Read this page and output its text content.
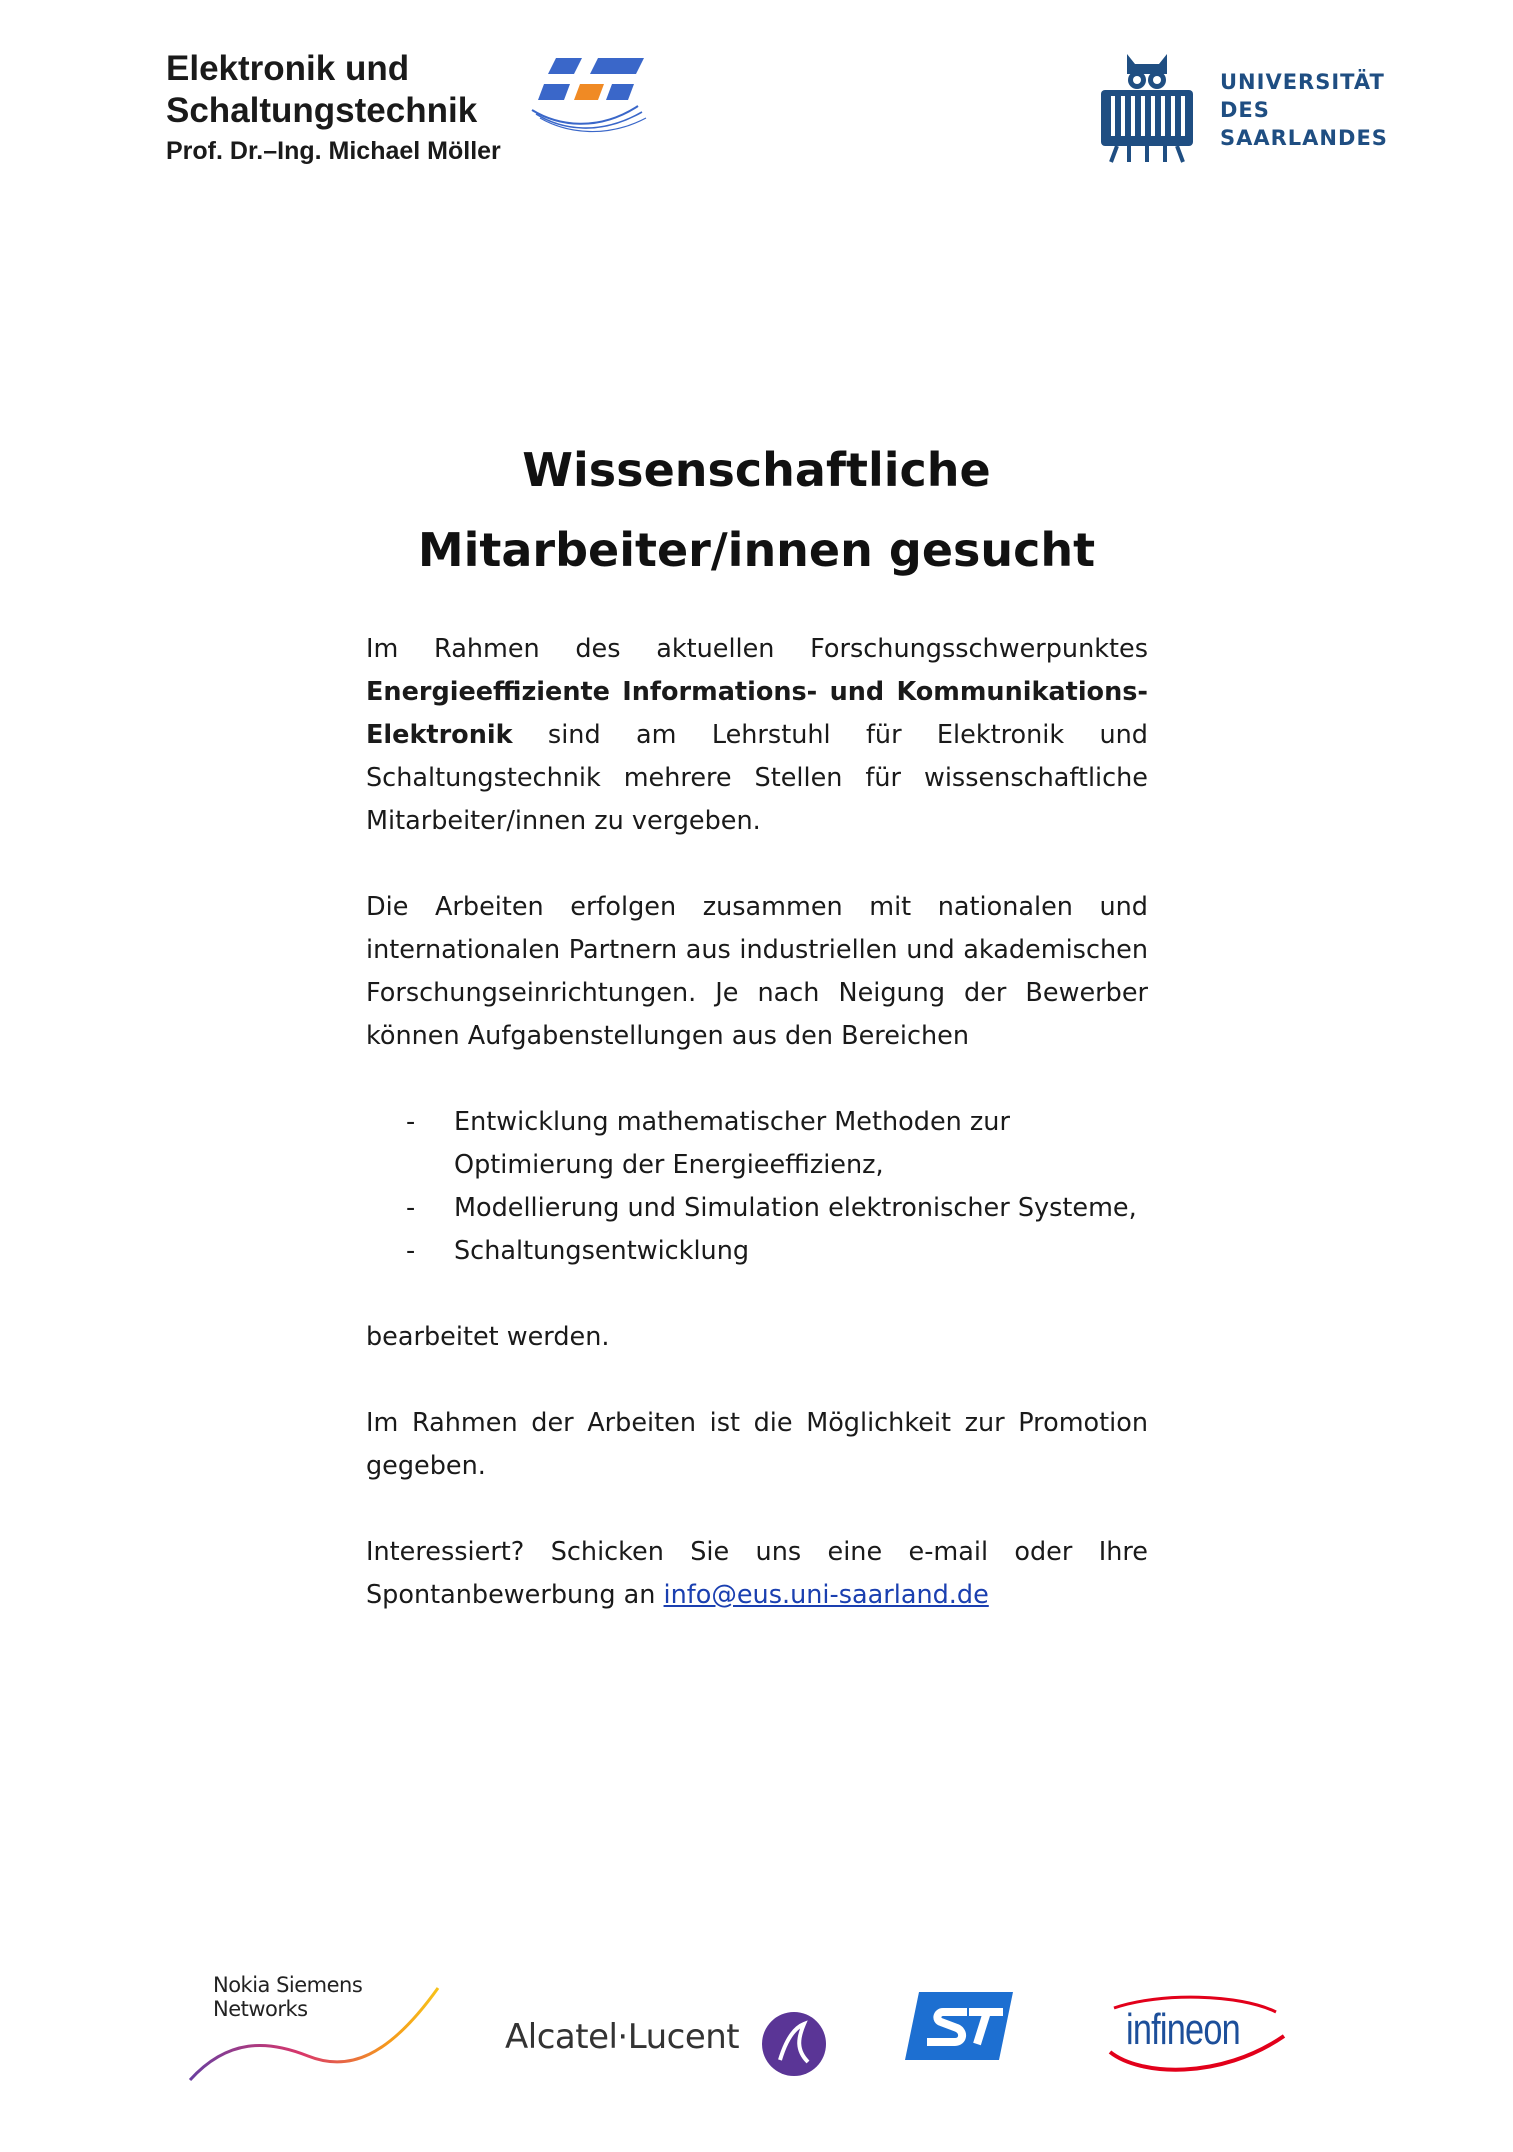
Elektronik und
Schaltungstechnik
Prof. Dr.–Ing. Michael Möller
UNIVERSITÄT
DES
SAARLANDES
Wissenschaftliche
Mitarbeiter/innen gesucht

Im Rahmen des aktuellen Forschungsschwerpunktes Energieeffiziente Informations- und Kommunikations-Elektronik sind am Lehrstuhl für Elektronik und Schaltungstechnik mehrere Stellen für wissenschaftliche Mitarbeiter/innen zu vergeben.

Die Arbeiten erfolgen zusammen mit nationalen und internationalen Partnern aus industriellen und akademischen Forschungseinrichtungen. Je nach Neigung der Bewerber können Aufgabenstellungen aus den Bereichen

- Entwicklung mathematischer Methoden zur Optimierung der Energieeffizienz,
- Modellierung und Simulation elektronischer Systeme,
- Schaltungsentwicklung

bearbeitet werden.

Im Rahmen der Arbeiten ist die Möglichkeit zur Promotion gegeben.

Interessiert? Schicken Sie uns eine e-mail oder Ihre Spontanbewerbung an info@eus.uni-saarland.de

Nokia Siemens
Networks
Alcatel·Lucent	infineon
